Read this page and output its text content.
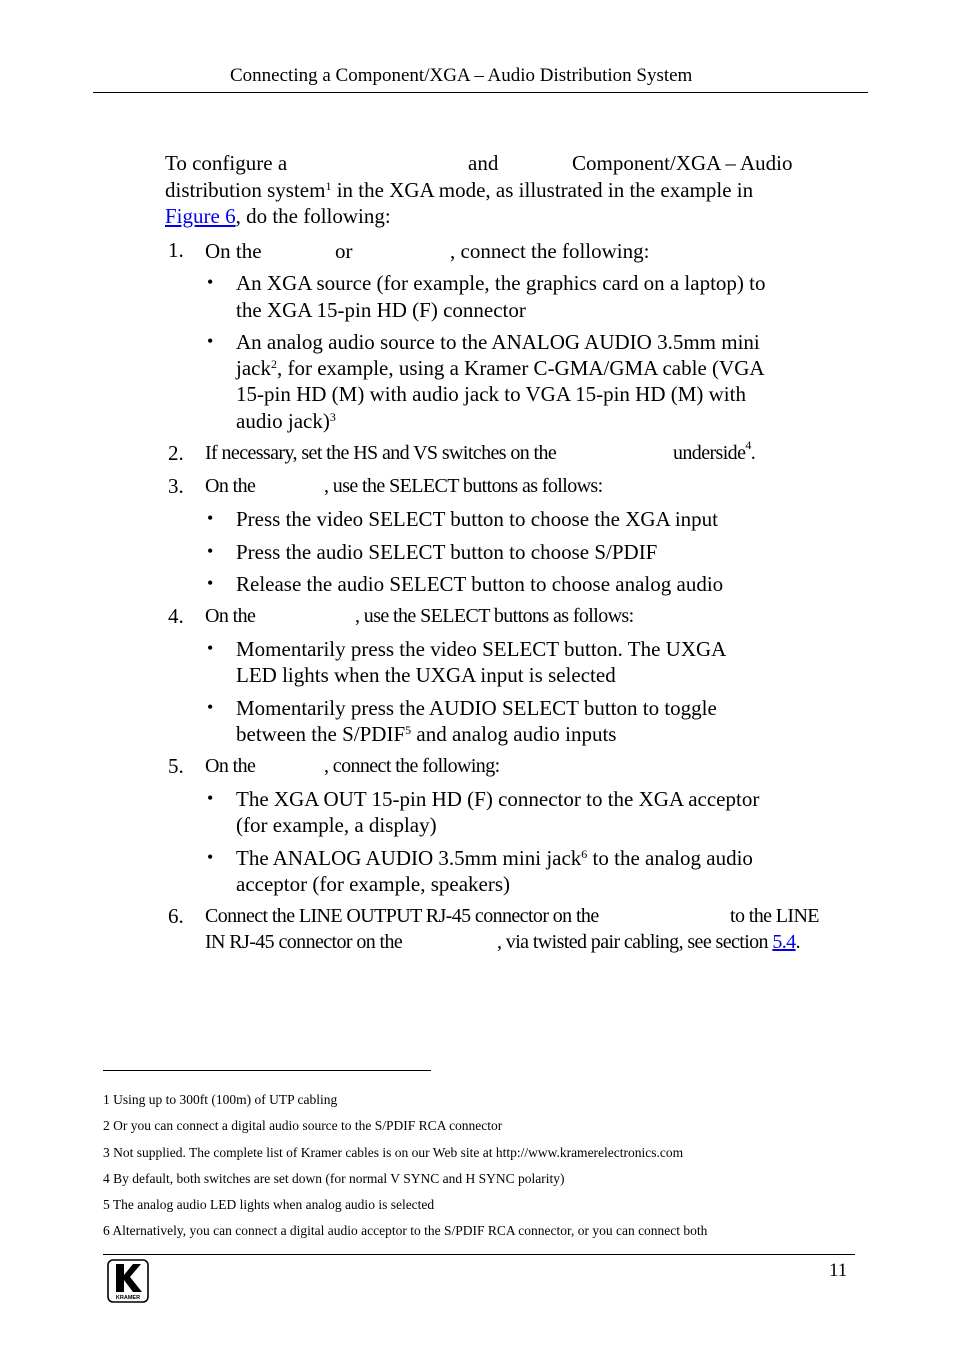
Connecting a Component/XGA – Audio Distribution System
To configure a	and	Component/XGA – Audio
distribution system$^1$ in the XGA mode, as illustrated in the example in
Figure 6, do the following:
1. On the	or	, connect the following:
• An XGA source (for example, the graphics card on a laptop) to
the XGA 15-pin HD (F) connector
• An analog audio source to the ANALOG AUDIO 3.5mm mini
jack$^2$, for example, using a Kramer C-GMA/GMA cable (VGA
15-pin HD (M) with audio jack to VGA 15-pin HD (M) with
audio jack)$^3$
2. If necessary, set the HS and VS switches on the	underside$^4$.
3. On the	, use the SELECT buttons as follows:
• Press the video SELECT button to choose the XGA input
• Press the audio SELECT button to choose S/PDIF
• Release the audio SELECT button to choose analog audio
4. On the	, use the SELECT buttons as follows:
• Momentarily press the video SELECT button. The UXGA
LED lights when the UXGA input is selected
• Momentarily press the AUDIO SELECT button to toggle
between the S/PDIF$^5$ and analog audio inputs
5. On the	, connect the following:
• The XGA OUT 15-pin HD (F) connector to the XGA acceptor
(for example, a display)
• The ANALOG AUDIO 3.5mm mini jack$^6$ to the analog audio
acceptor (for example, speakers)
6. Connect the LINE OUTPUT RJ-45 connector on the	to the LINE
IN RJ-45 connector on the	, via twisted pair cabling, see section 5.4.
1 Using up to 300ft (100m) of UTP cabling
2 Or you can connect a digital audio source to the S/PDIF RCA connector
3 Not supplied. The complete list of Kramer cables is on our Web site at http://www.kramerelectronics.com
4 By default, both switches are set down (for normal V SYNC and H SYNC polarity)
5 The analog audio LED lights when analog audio is selected
6 Alternatively, you can connect a digital audio acceptor to the S/PDIF RCA connector, or you can connect both
KRAMER
11
